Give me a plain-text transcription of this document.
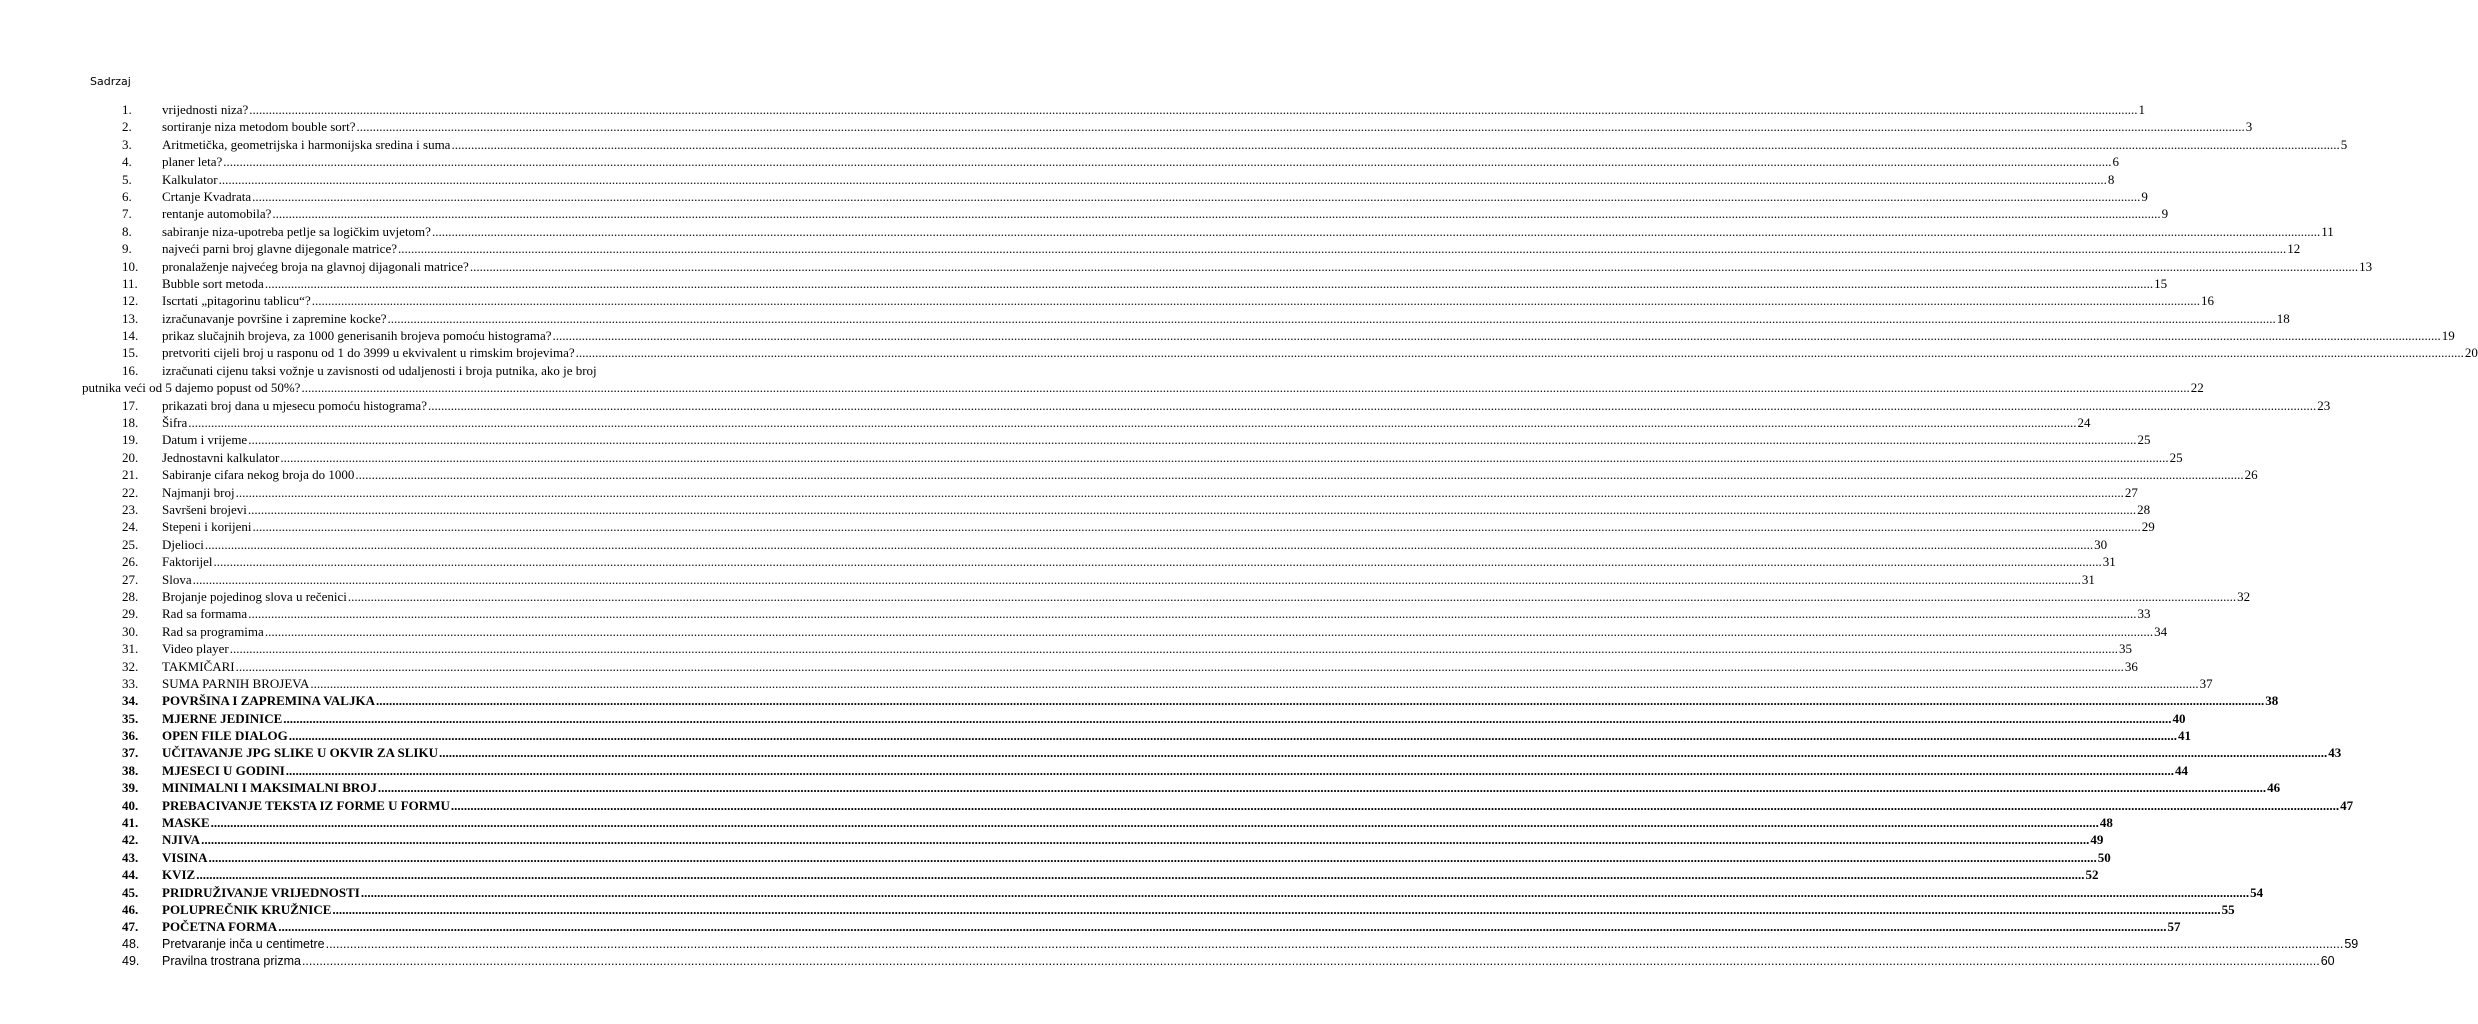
Sadrzaj
1. vrijednosti niza? .....	1
2. sortiranje niza metodom bouble sort? .....	3
3. Aritmetička, geometrijska i harmonijska sredina i suma .....	5
4. planer leta? .....	6
5. Kalkulator .....	8
6. Crtanje Kvadrata .....	9
7. rentanje automobila? .....	9
8. sabiranje niza-upotreba petlje sa logičkim uvjetom? .....	11
9. najveći parni broj glavne dijegonale matrice? .....	12
10. pronalaženje najvećeg broja na glavnoj dijagonali matrice? .....	13
11. Bubble sort metoda .....	15
12. Iscrtati „pitagorinu tablicu“? .....	16
13. izračunavanje površine i zapremine kocke? .....	18
14. prikaz slučajnih brojeva, za 1000 generisanih brojeva pomoću histograma? .....	19
15. pretvoriti cijeli broj u rasponu od 1 do 3999 u ekvivalent u rimskim brojevima? .....	20
16. izračunati cijenu taksi vožnje u zavisnosti od udaljenosti i broja putnika, ako je broj
putnika veći od 5 dajemo popust od 50%? .....	22
17. prikazati broj dana u mjesecu pomoću histograma? .....	23
18. Šifra .....	24
19. Datum i vrijeme .....	25
20. Jednostavni kalkulator .....	25
21. Sabiranje cifara nekog broja do 1000 .....	26
22. Najmanji broj .....	27
23. Savršeni brojevi .....	28
24. Stepeni i korijeni .....	29
25. Djelioci .....	30
26. Faktorijel .....	31
27. Slova .....	31
28. Brojanje pojedinog slova u rečenici .....	32
29. Rad sa formama .....	33
30. Rad sa programima .....	34
31. Video player .....	35
32. TAKMIČARI .....	36
33. SUMA PARNIH BROJEVA .....	37
34. POVRŠINA I ZAPREMINA VALJKA .....	38
35. MJERNE JEDINICE .....	40
36. OPEN FILE DIALOG .....	41
37. UČITAVANJE JPG SLIKE U OKVIR ZA SLIKU .....	43
38. MJESECI U GODINI .....	44
39. MINIMALNI I MAKSIMALNI BROJ .....	46
40. PREBACIVANJE TEKSTA IZ FORME U FORMU .....	47
41. MASKE .....	48
42. NJIVA .....	49
43. VISINA .....	50
44. KVIZ .....	52
45. PRIDRUŽIVANJE VRIJEDNOSTI .....	54
46. POLUPREČNIK KRUŽNICE .....	55
47. POČETNA FORMA .....	57
48. Pretvaranje inča u centimetre .....	59
49. Pravilna trostrana prizma .....	60
